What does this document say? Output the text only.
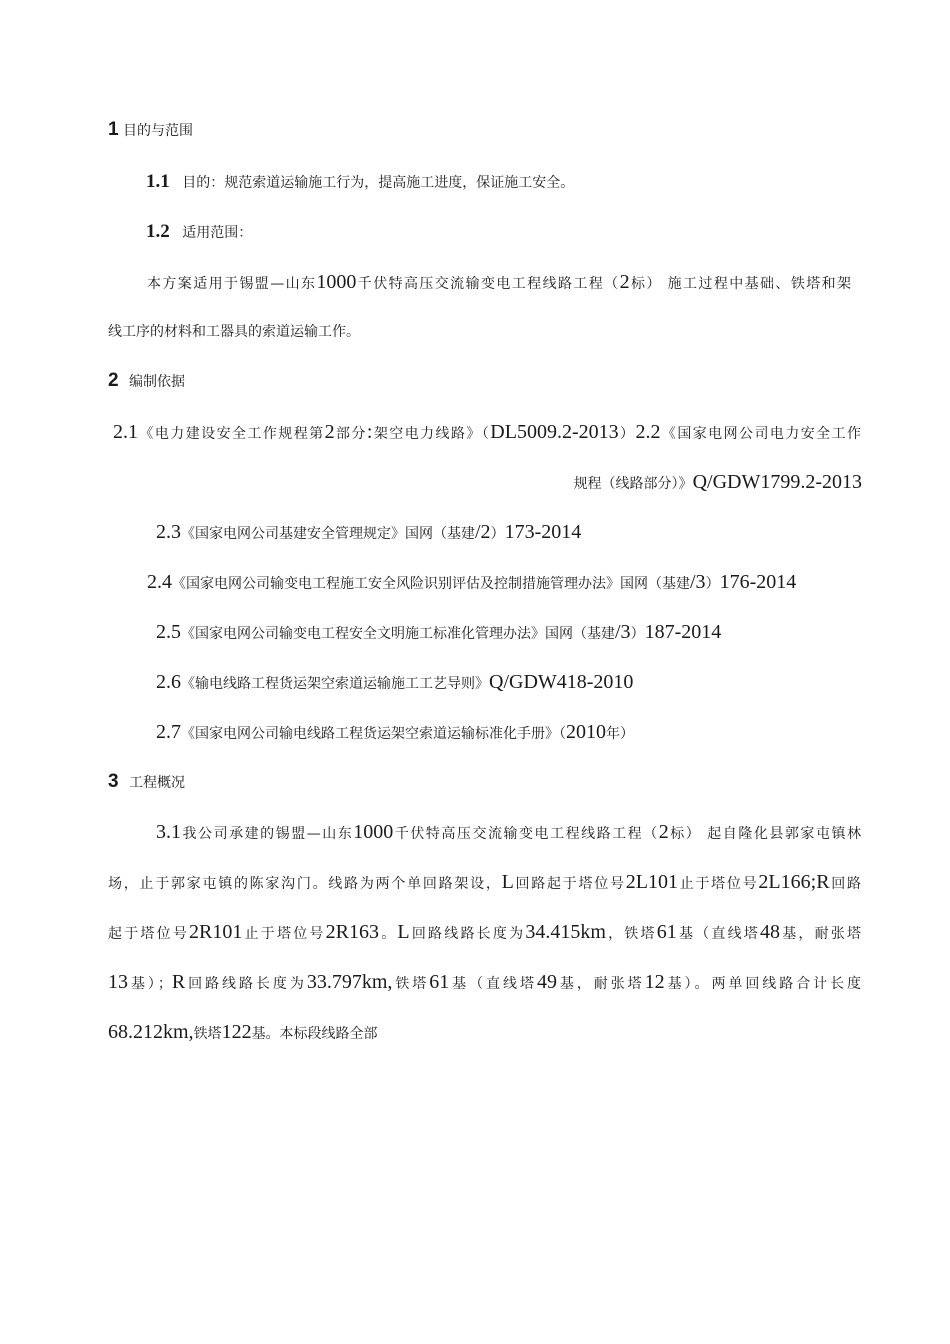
1 目的与范围
1.1 目的：规范索道运输施工行为，提高施工进度，保证施工安全。
1.2 适用范围：
本方案适用于锡盟—山东1000千伏特高压交流输变电工程线路工程（2标） 施工过程中基础、铁塔和架
线工序的材料和工器具的索道运输工作。
2 编制依据
2.1《电力建设安全工作规程第2部分:架空电力线路》（DL5009.2-2013）2.2《国家电网公司电力安全工作
规程（线路部分）》Q/GDW1799.2-2013
2.3《国家电网公司基建安全管理规定》国网（基建/2）173-2014
2.4《国家电网公司输变电工程施工安全风险识别评估及控制措施管理办法》国网（基建/3）176-2014
2.5《国家电网公司输变电工程安全文明施工标准化管理办法》国网（基建/3）187-2014
2.6《输电线路工程货运架空索道运输施工工艺导则》Q/GDW418-2010
2.7《国家电网公司输电线路工程货运架空索道运输标准化手册》（2010年）
3 工程概况
3.1我公司承建的锡盟—山东1000千伏特高压交流输变电工程线路工程（2标） 起自隆化县郭家屯镇林
场，止于郭家屯镇的陈家沟门。线路为两个单回路架设，L回路起于塔位号2L101止于塔位号2L166;R回路
起于塔位号2R101止于塔位号2R163。L回路线路长度为34.415km，铁塔61基（直线塔48基，耐张塔
13基）；R回路线路长度为33.797km,铁塔61基（直线塔49基，耐张塔12基）。两单回线路合计长度
68.212km,铁塔122基。本标段线路全部
